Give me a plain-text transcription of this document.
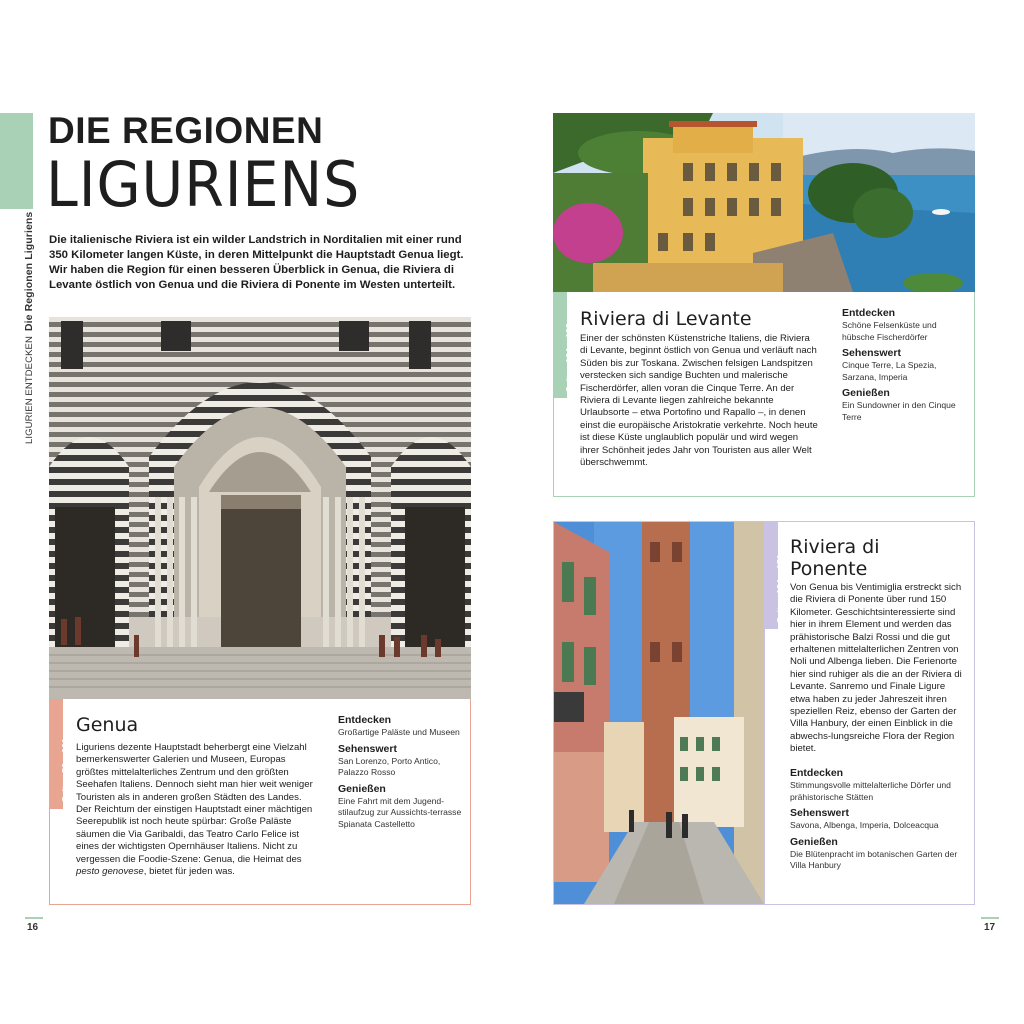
LIGURIEN ENTDECKENDie Regionen Liguriens
DIE REGIONEN
LIGURIENS

Die italienische Riviera ist ein wilder Landstrich in Norditalien mit einer rund 350 Kilometer langen Küste, in deren Mittelpunkt die Hauptstadt Genua liegt. Wir haben die Region für einen besseren Überblick in Genua, die Riviera di Levante östlich von Genua und die Riviera di Ponente im Westen unterteilt.

Seiten 50 – 101
Genua

Liguriens dezente Hauptstadt beherbergt eine Vielzahl bemerkenswerter Galerien und Museen, Europas größtes mittelalterliches Zentrum und den größten Seehafen Italiens. Dennoch sieht man hier weit weniger Touristen als in anderen großen Städten des Landes. Der Reichtum der einstigen Hauptstadt einer mächtigen Seerepublik ist noch heute spürbar: Große Paläste säumen die Via Garibaldi, das Teatro Carlo Felice ist eines der wichtigsten Opernhäuser Italiens. Nicht zu vergessen die Foodie-Szene: Genua, die Heimat des pesto genovese, bietet für jeden was.

Entdecken

Großartige Paläste und Museen

Sehenswert

San Lorenzo, Porto Antico, Palazzo Rosso

Genießen

Eine Fahrt mit dem Jugend-stilaufzug zur Aussichts-terrasse Spianata Castelletto

16
Seiten 104 – 133
Riviera di Levante

Einer der schönsten Küstenstriche Italiens, die Riviera di Levante, beginnt östlich von Genua und verläuft nach Süden bis zur Toskana. Zwischen felsigen Landspitzen verstecken sich sandige Buchten und malerische Fischerdörfer, allen voran die Cinque Terre. An der Riviera di Levante liegen zahlreiche bekannte Urlaubsorte – etwa Portofino und Rapallo –, in denen einst die europäische Aristokratie verkehrte. Noch heute ist diese Küste unglaublich populär und wird wegen ihrer Schönheit jedes Jahr von Touristen aus aller Welt überschwemmt.

Entdecken

Schöne Felsenküste und hübsche Fischerdörfer

Sehenswert

Cinque Terre, La Spezia, Sarzana, Imperia

Genießen

Ein Sundowner in den Cinque Terre

Seiten 134 – 171
Riviera di
Ponente

Von Genua bis Ventimiglia erstreckt sich die Riviera di Ponente über rund 150 Kilometer. Geschichtsinteressierte sind hier in ihrem Element und werden das prähistorische Balzi Rossi und die gut erhaltenen mittelalterlichen Zentren von Noli und Albenga lieben. Die Ferienorte hier sind ruhiger als die an der Riviera di Levante. Sanremo und Finale Ligure etwa haben zu jeder Jahreszeit ihren speziellen Reiz, ebenso der Garten der Villa Hanbury, der einen Einblick in die abwechs-lungsreiche Flora der Region bietet.

Entdecken

Stimmungsvolle mittelalterliche Dörfer und prähistorische Stätten

Sehenswert

Savona, Albenga, Imperia, Dolceacqua

Genießen

Die Blütenpracht im botanischen Garten der Villa Hanbury

17
